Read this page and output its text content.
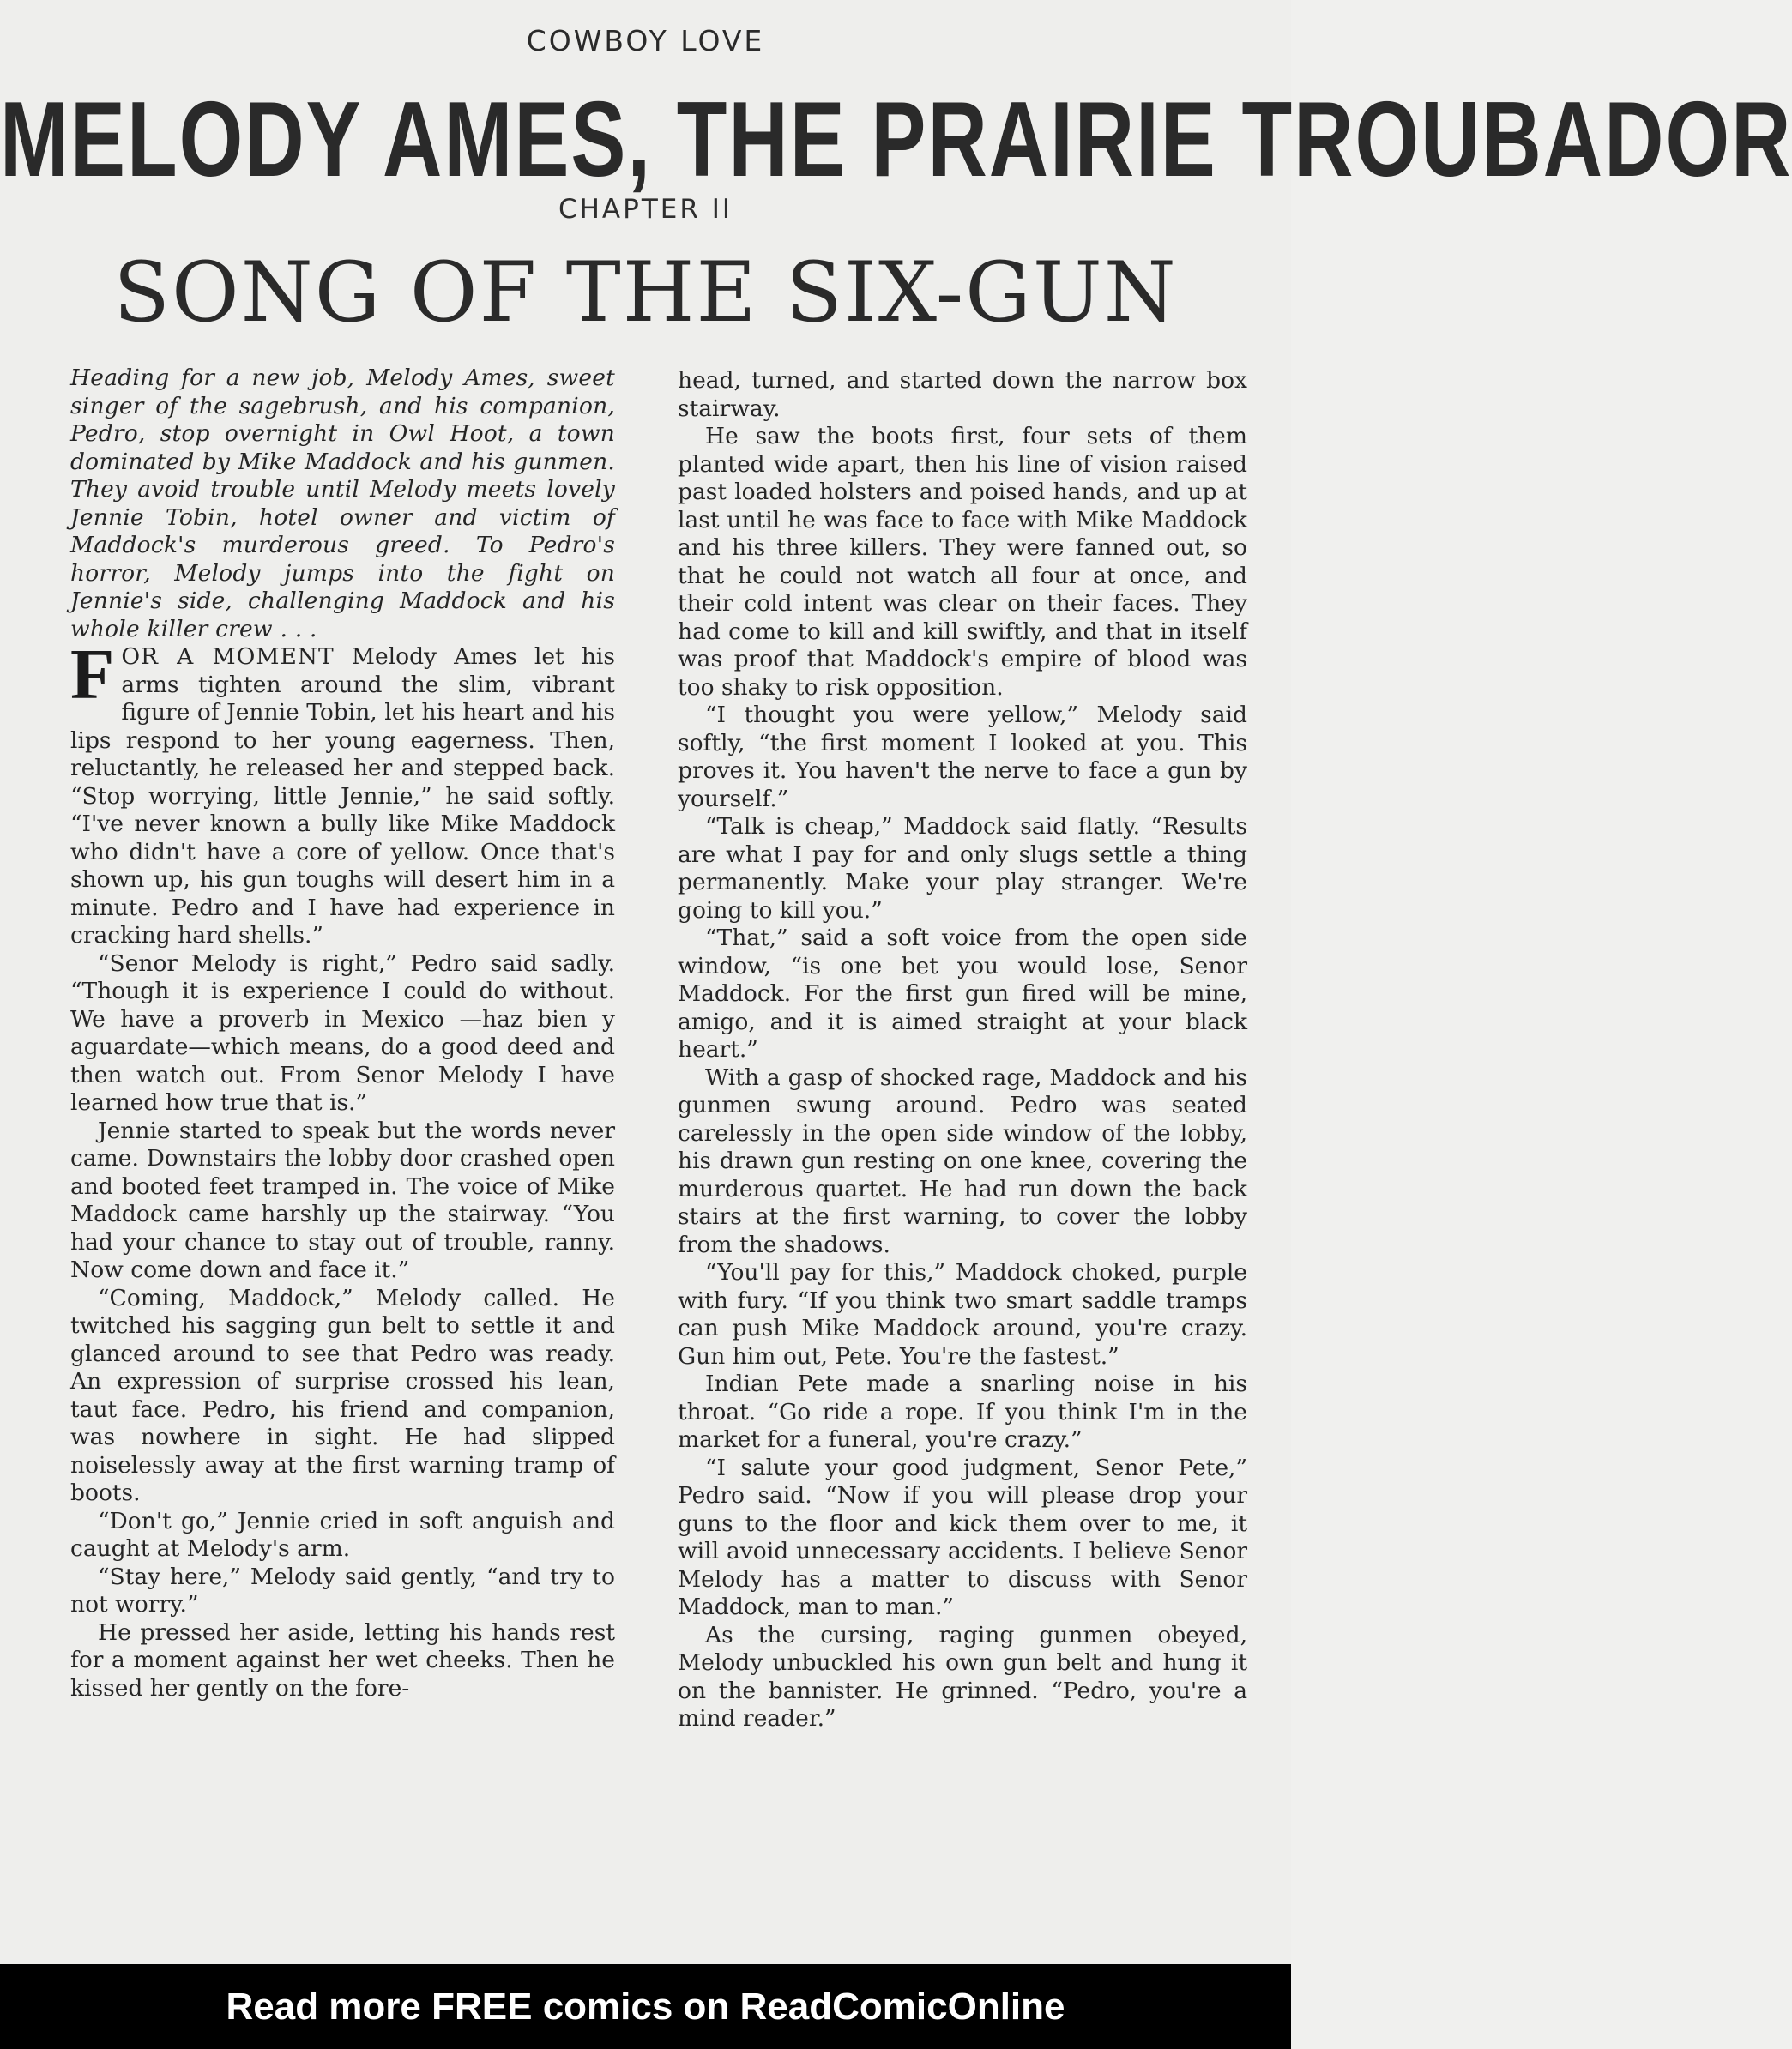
COWBOY LOVE
MELODY AMES, THE PRAIRIE TROUBADOR
CHAPTER II
SONG OF THE SIX-GUN

Heading for a new job, Melody Ames, sweet singer of the sagebrush, and his companion, Pedro, stop overnight in Owl Hoot, a town dominated by Mike Maddock and his gunmen. They avoid trouble until Melody meets lovely Jennie Tobin, hotel owner and victim of Maddock's murderous greed. To Pedro's horror, Melody jumps into the fight on Jennie's side, challenging Maddock and his whole killer crew . . .

FOR A MOMENT Melody Ames let his arms tighten around the slim, vibrant figure of Jennie Tobin, let his heart and his lips respond to her young eagerness. Then, reluctantly, he released her and stepped back. “Stop worrying, little Jennie,” he said softly. “I've never known a bully like Mike Maddock who didn't have a core of yellow. Once that's shown up, his gun toughs will desert him in a minute. Pedro and I have had experience in cracking hard shells.”

“Senor Melody is right,” Pedro said sadly. “Though it is experience I could do without. We have a proverb in Mexico —haz bien y aguardate—which means, do a good deed and then watch out. From Senor Melody I have learned how true that is.”

Jennie started to speak but the words never came. Downstairs the lobby door crashed open and booted feet tramped in. The voice of Mike Maddock came harshly up the stairway. “You had your chance to stay out of trouble, ranny. Now come down and face it.”

“Coming, Maddock,” Melody called. He twitched his sagging gun belt to settle it and glanced around to see that Pedro was ready. An expression of surprise crossed his lean, taut face. Pedro, his friend and companion, was nowhere in sight. He had slipped noiselessly away at the first warning tramp of boots.

“Don't go,” Jennie cried in soft anguish and caught at Melody's arm.

“Stay here,” Melody said gently, “and try to not worry.”

He pressed her aside, letting his hands rest for a moment against her wet cheeks. Then he kissed her gently on the fore-

head, turned, and started down the narrow box stairway.

He saw the boots first, four sets of them planted wide apart, then his line of vision raised past loaded holsters and poised hands, and up at last until he was face to face with Mike Maddock and his three killers. They were fanned out, so that he could not watch all four at once, and their cold intent was clear on their faces. They had come to kill and kill swiftly, and that in itself was proof that Maddock's empire of blood was too shaky to risk opposition.

“I thought you were yellow,” Melody said softly, “the first moment I looked at you. This proves it. You haven't the nerve to face a gun by yourself.”

“Talk is cheap,” Maddock said flatly. “Results are what I pay for and only slugs settle a thing permanently. Make your play stranger. We're going to kill you.”

“That,” said a soft voice from the open side window, “is one bet you would lose, Senor Maddock. For the first gun fired will be mine, amigo, and it is aimed straight at your black heart.”

With a gasp of shocked rage, Maddock and his gunmen swung around. Pedro was seated carelessly in the open side window of the lobby, his drawn gun resting on one knee, covering the murderous quartet. He had run down the back stairs at the first warning, to cover the lobby from the shadows.

“You'll pay for this,” Maddock choked, purple with fury. “If you think two smart saddle tramps can push Mike Maddock around, you're crazy. Gun him out, Pete. You're the fastest.”

Indian Pete made a snarling noise in his throat. “Go ride a rope. If you think I'm in the market for a funeral, you're crazy.”

“I salute your good judgment, Senor Pete,” Pedro said. “Now if you will please drop your guns to the floor and kick them over to me, it will avoid unnecessary accidents. I believe Senor Melody has a matter to discuss with Senor Maddock, man to man.”

As the cursing, raging gunmen obeyed, Melody unbuckled his own gun belt and hung it on the bannister. He grinned. “Pedro, you're a mind reader.”

Read more FREE comics on ReadComicOnline
